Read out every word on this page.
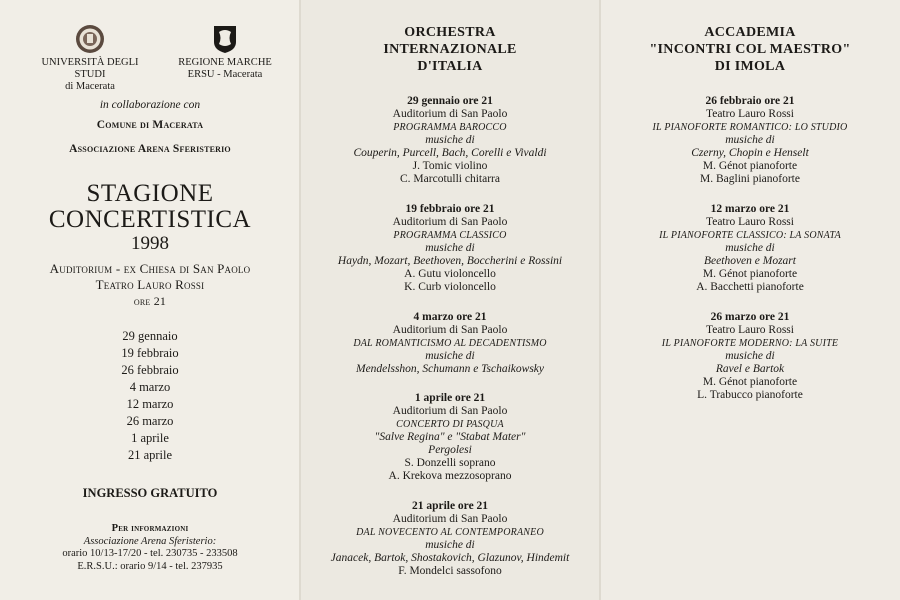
UNIVERSITÀ DEGLI STUDI
di Macerata
REGIONE MARCHE
ERSU - Macerata
in collaborazione con
Comune di Macerata
Associazione Arena Sferisterio
STAGIONE
CONCERTISTICA
1998
Auditorium - ex Chiesa di San Paolo
Teatro Lauro Rossi
ore 21
29 gennaio
19 febbraio
26 febbraio
4 marzo
12 marzo
26 marzo
1 aprile
21 aprile
INGRESSO GRATUITO
Per informazioni
Associazione Arena Sferisterio:
orario 10/13-17/20 - tel. 230735 - 233508
E.R.S.U.: orario 9/14 - tel. 237935
ORCHESTRA
INTERNAZIONALE
D'ITALIA
29 gennaio ore 21
Auditorium di San Paolo
PROGRAMMA BAROCCO
musiche di
Couperin, Purcell, Bach, Corelli e Vivaldi
J. Tomic violino
C. Marcotulli chitarra
19 febbraio ore 21
Auditorium di San Paolo
PROGRAMMA CLASSICO
musiche di
Haydn, Mozart, Beethoven, Boccherini e Rossini
A. Gutu violoncello
K. Curb violoncello
4 marzo ore 21
Auditorium di San Paolo
DAL ROMANTICISMO AL DECADENTISMO
musiche di
Mendelsshon, Schumann e Tschaikowsky
1 aprile ore 21
Auditorium di San Paolo
CONCERTO DI PASQUA
"Salve Regina" e "Stabat Mater"
Pergolesi
S. Donzelli soprano
A. Krekova mezzosoprano
21 aprile ore 21
Auditorium di San Paolo
DAL NOVECENTO AL CONTEMPORANEO
musiche di
Janacek, Bartok, Shostakovich, Glazunov, Hindemit
F. Mondelci sassofono
ACCADEMIA
"INCONTRI COL MAESTRO"
DI IMOLA
26 febbraio ore 21
Teatro Lauro Rossi
IL PIANOFORTE ROMANTICO: LO STUDIO
musiche di
Czerny, Chopin e Henselt
M. Génot pianoforte
M. Baglini pianoforte
12 marzo ore 21
Teatro Lauro Rossi
IL PIANOFORTE CLASSICO: LA SONATA
musiche di
Beethoven e Mozart
M. Génot pianoforte
A. Bacchetti pianoforte
26 marzo ore 21
Teatro Lauro Rossi
IL PIANOFORTE MODERNO: LA SUITE
musiche di
Ravel e Bartok
M. Génot pianoforte
L. Trabucco pianoforte
